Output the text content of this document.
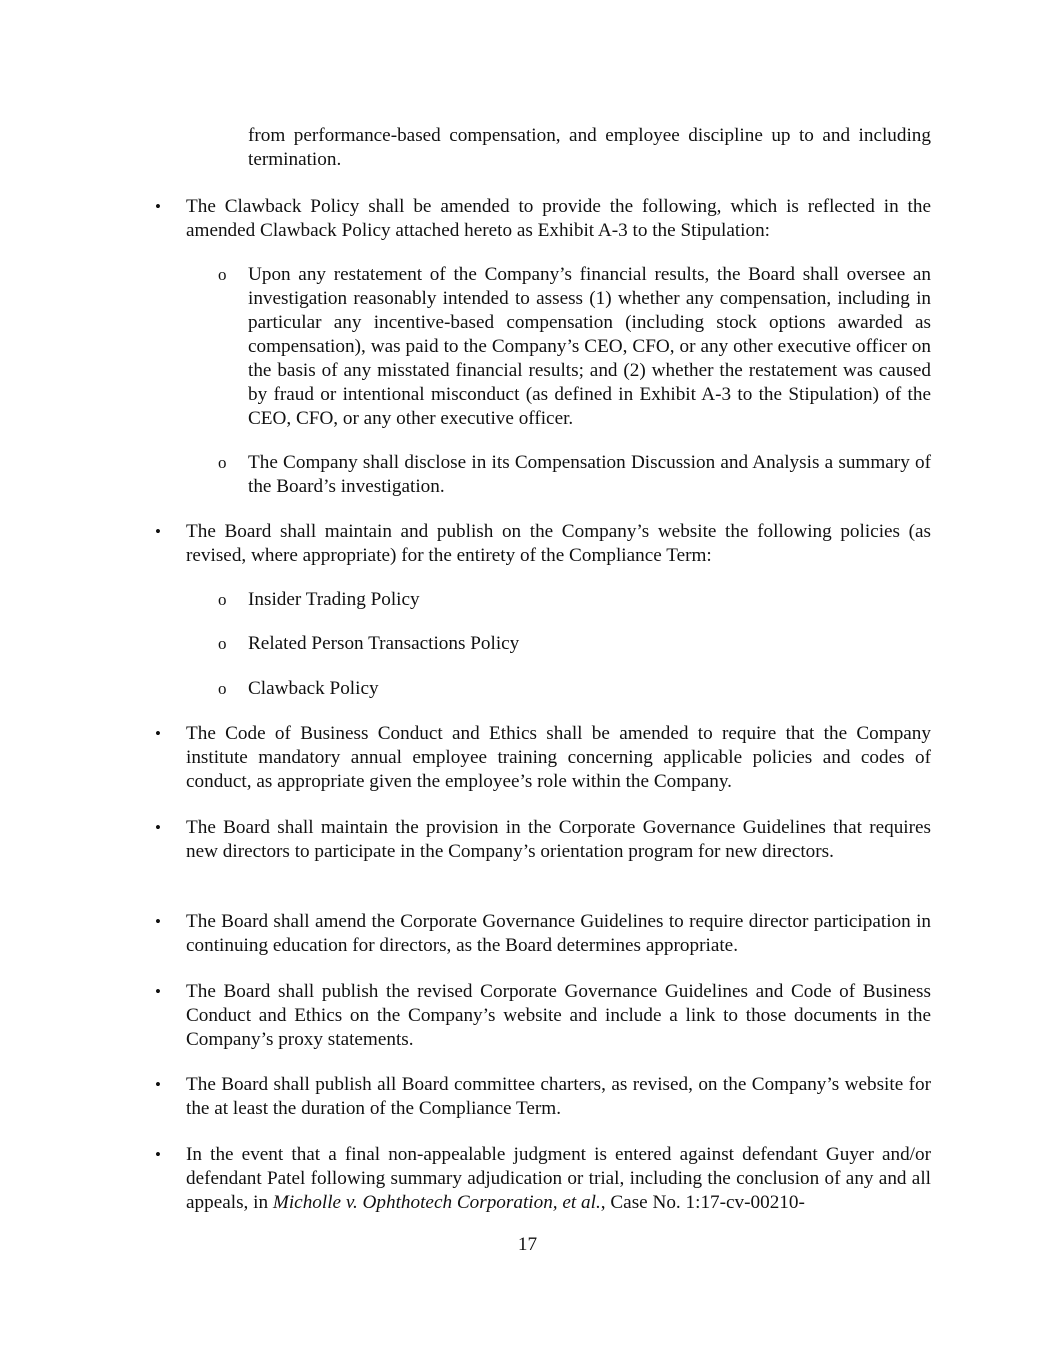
from performance-based compensation, and employee discipline up to and including termination.
• The Clawback Policy shall be amended to provide the following, which is reflected in the amended Clawback Policy attached hereto as Exhibit A-3 to the Stipulation:
o Upon any restatement of the Company’s financial results, the Board shall oversee an investigation reasonably intended to assess (1) whether any compensation, including in particular any incentive-based compensation (including stock options awarded as compensation), was paid to the Company’s CEO, CFO, or any other executive officer on the basis of any misstated financial results; and (2) whether the restatement was caused by fraud or intentional misconduct (as defined in Exhibit A-3 to the Stipulation) of the CEO, CFO, or any other executive officer.
o The Company shall disclose in its Compensation Discussion and Analysis a summary of the Board’s investigation.
• The Board shall maintain and publish on the Company’s website the following policies (as revised, where appropriate) for the entirety of the Compliance Term:
o Insider Trading Policy
o Related Person Transactions Policy
o Clawback Policy
• The Code of Business Conduct and Ethics shall be amended to require that the Company institute mandatory annual employee training concerning applicable policies and codes of conduct, as appropriate given the employee’s role within the Company.
• The Board shall maintain the provision in the Corporate Governance Guidelines that requires new directors to participate in the Company’s orientation program for new directors.
• The Board shall amend the Corporate Governance Guidelines to require director participation in continuing education for directors, as the Board determines appropriate.
• The Board shall publish the revised Corporate Governance Guidelines and Code of Business Conduct and Ethics on the Company’s website and include a link to those documents in the Company’s proxy statements.
• The Board shall publish all Board committee charters, as revised, on the Company’s website for the at least the duration of the Compliance Term.
• In the event that a final non-appealable judgment is entered against defendant Guyer and/or defendant Patel following summary adjudication or trial, including the conclusion of any and all appeals, in Micholle v. Ophthotech Corporation, et al., Case No. 1:17-cv-00210-
17
